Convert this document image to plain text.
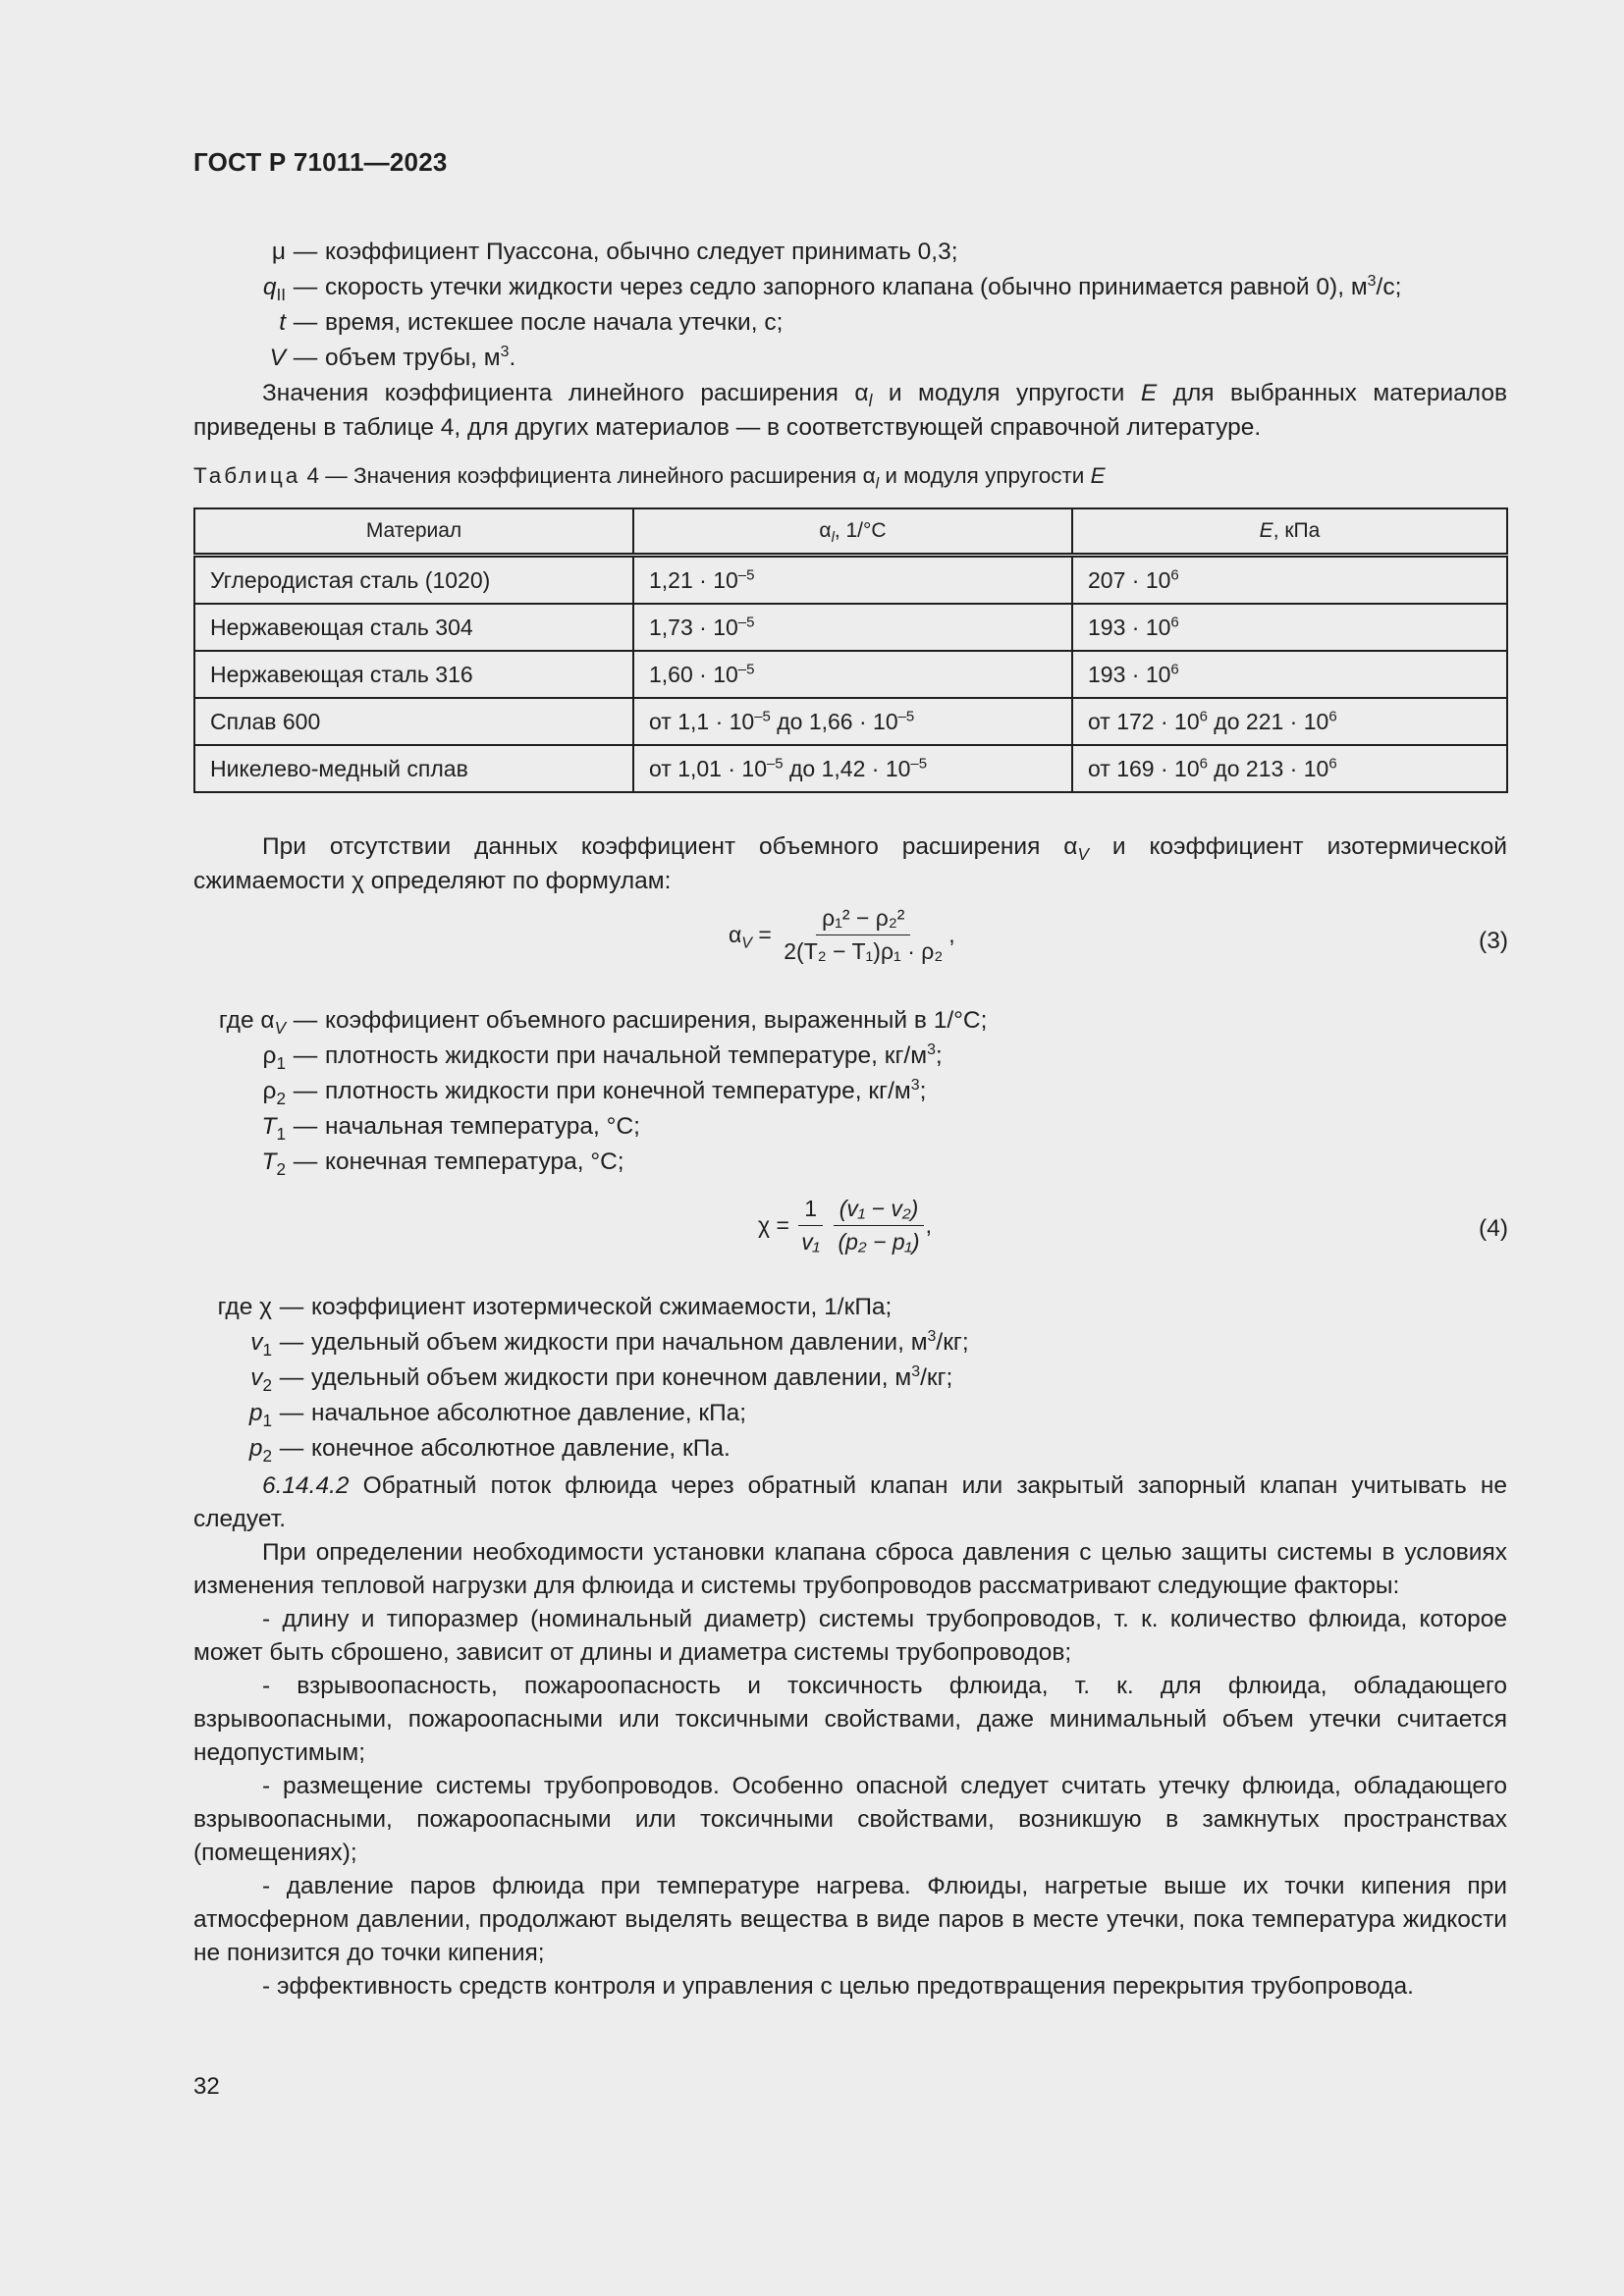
ГОСТ Р 71011—2023
μ — коэффициент Пуассона, обычно следует принимать 0,3;
$q_{ІІ}$ — скорость утечки жидкости через седло запорного клапана (обычно принимается равной 0), $м^3/с$;
t — время, истекшее после начала утечки, с;
V — объем трубы, $м^3$.

Значения коэффициента линейного расширения $\alpha_l$ и модуля упругости E для выбранных материалов приведены в таблице 4, для других материалов — в соответствующей справочной литературе.

Таблица 4 — Значения коэффициента линейного расширения $\alpha_l$ и модуля упругости E
Материал	$\alpha_l$, 1/°С	E, кПа
Углеродистая сталь (1020)	$1,21 \cdot 10^{-5}$	$207 \cdot 10^6$
Нержавеющая сталь 304	$1,73 \cdot 10^{-5}$	$193 \cdot 10^6$
Нержавеющая сталь 316	$1,60 \cdot 10^{-5}$	$193 \cdot 10^6$
Сплав 600	от $1,1 \cdot 10^{-5}$ до $1,66 \cdot 10^{-5}$	от $172 \cdot 10^6$ до $221 \cdot 10^6$
Никелево-медный сплав	от $1,01 \cdot 10^{-5}$ до $1,42 \cdot 10^{-5}$	от $169 \cdot 10^6$ до $213 \cdot 10^6$

При отсутствии данных коэффициент объемного расширения $\alpha_V$ и коэффициент изотермической сжимаемости χ определяют по формулам:

$\alpha_V = \frac{\text{ρ₁² − ρ₂²}}{\text{2(T₂ − T₁)ρ₁ · ρ₂}}$ ,	(3)
где $\alpha_V$ — коэффициент объемного расширения, выраженный в 1/°С;
$\rho_1$ — плотность жидкости при начальной температуре, $кг/м^3$;
$\rho_2$ — плотность жидкости при конечной температуре, $кг/м^3$;
$T_1$ — начальная температура, °С;
$T_2$ — конечная температура, °С;
$\chi = \frac{1}{\text{v₁}}$
$\frac{\text{(v₁ − v₂)}}{\text{(p₂ − p₁)}}$ ,	(4)
где χ — коэффициент изотермической сжимаемости, 1/кПа;
$v_1$ — удельный объем жидкости при начальном давлении, $м^3/кг$;
$v_2$ — удельный объем жидкости при конечном давлении, $м^3/кг$;
$p_1$ — начальное абсолютное давление, кПа;
$p_2$ — конечное абсолютное давление, кПа.

6.14.4.2 Обратный поток флюида через обратный клапан или закрытый запорный клапан учитывать не следует.

При определении необходимости установки клапана сброса давления с целью защиты системы в условиях изменения тепловой нагрузки для флюида и системы трубопроводов рассматривают следующие факторы:

- длину и типоразмер (номинальный диаметр) системы трубопроводов, т. к. количество флюида, которое может быть сброшено, зависит от длины и диаметра системы трубопроводов;

- взрывоопасность, пожароопасность и токсичность флюида, т. к. для флюида, обладающего взрывоопасными, пожароопасными или токсичными свойствами, даже минимальный объем утечки считается недопустимым;

- размещение системы трубопроводов. Особенно опасной следует считать утечку флюида, обладающего взрывоопасными, пожароопасными или токсичными свойствами, возникшую в замкнутых пространствах (помещениях);

- давление паров флюида при температуре нагрева. Флюиды, нагретые выше их точки кипения при атмосферном давлении, продолжают выделять вещества в виде паров в месте утечки, пока температура жидкости не понизится до точки кипения;

- эффективность средств контроля и управления с целью предотвращения перекрытия трубопровода.

32
